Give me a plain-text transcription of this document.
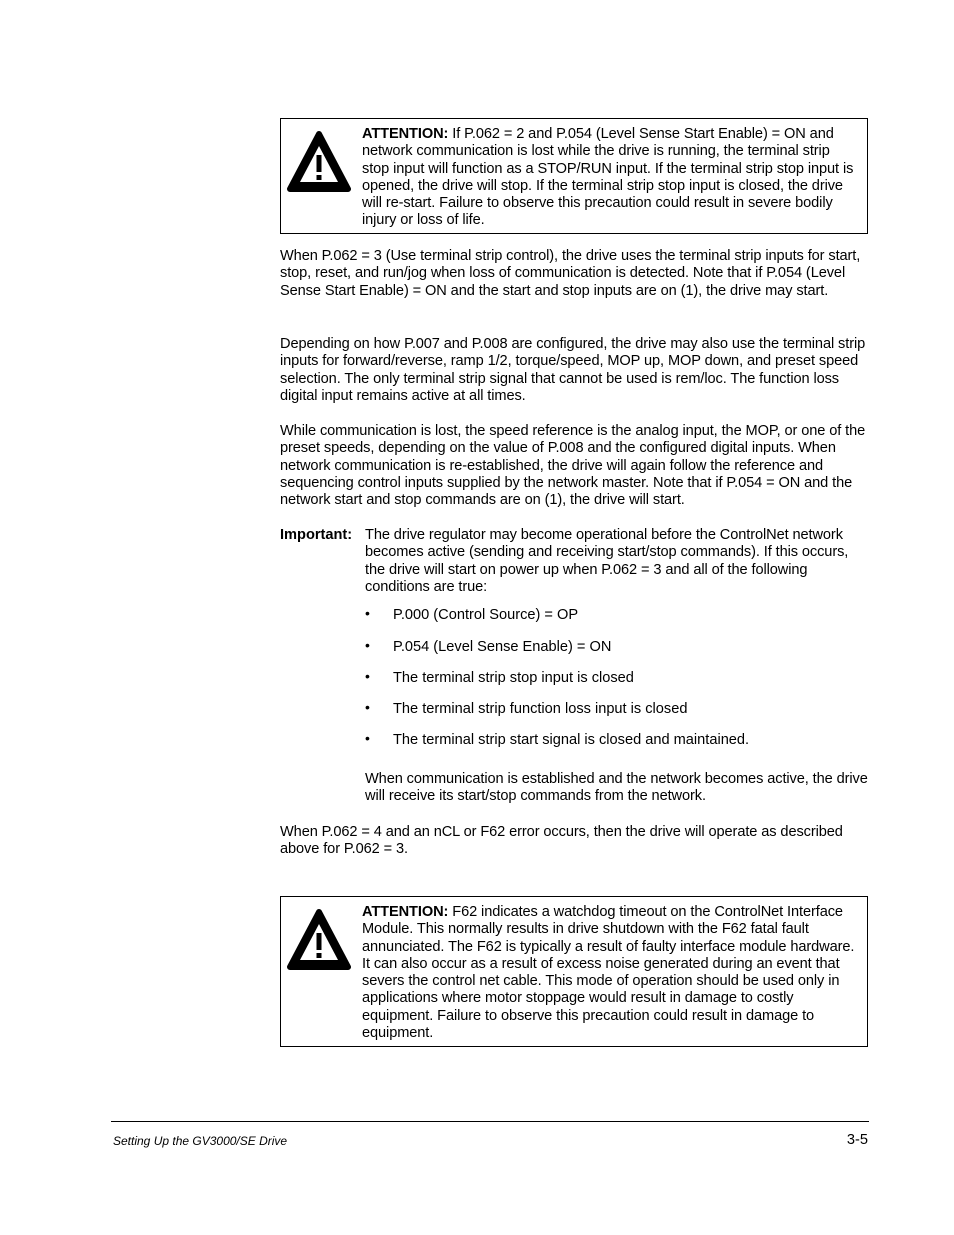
ATTENTION: If P.062 = 2 and P.054 (Level Sense Start Enable) = ON and network communication is lost while the drive is running, the terminal strip stop input will function as a STOP/RUN input. If the terminal strip stop input is opened, the drive will stop. If the terminal strip stop input is closed, the drive will re-start. Failure to observe this precaution could result in severe bodily injury or loss of life.
When P.062 = 3 (Use terminal strip control), the drive uses the terminal strip inputs for start, stop, reset, and run/jog when loss of communication is detected. Note that if P.054 (Level Sense Start Enable) = ON and the start and stop inputs are on (1), the drive may start.
Depending on how P.007 and P.008 are configured, the drive may also use the terminal strip inputs for forward/reverse, ramp 1/2, torque/speed, MOP up, MOP down, and preset speed selection. The only terminal strip signal that cannot be used is rem/loc. The function loss digital input remains active at all times.
While communication is lost, the speed reference is the analog input, the MOP, or one of the preset speeds, depending on the value of P.008 and the configured digital inputs. When network communication is re-established, the drive will again follow the reference and sequencing control inputs supplied by the network master. Note that if P.054 = ON and the network start and stop commands are on (1), the drive will start.
Important: The drive regulator may become operational before the ControlNet network becomes active (sending and receiving start/stop commands). If this occurs, the drive will start on power up when P.062 = 3 and all of the following conditions are true:
• P.000 (Control Source) = OP
• P.054 (Level Sense Enable) = ON
• The terminal strip stop input is closed
• The terminal strip function loss input is closed
• The terminal strip start signal is closed and maintained.
When communication is established and the network becomes active, the drive will receive its start/stop commands from the network.
When P.062 = 4 and an nCL or F62 error occurs, then the drive will operate as described above for P.062 = 3.
ATTENTION: F62 indicates a watchdog timeout on the ControlNet Interface Module. This normally results in drive shutdown with the F62 fatal fault annunciated. The F62 is typically a result of faulty interface module hardware. It can also occur as a result of excess noise generated during an event that severs the control net cable. This mode of operation should be used only in applications where motor stoppage would result in damage to costly equipment. Failure to observe this precaution could result in damage to equipment.
Setting Up the GV3000/SE Drive	3-5
